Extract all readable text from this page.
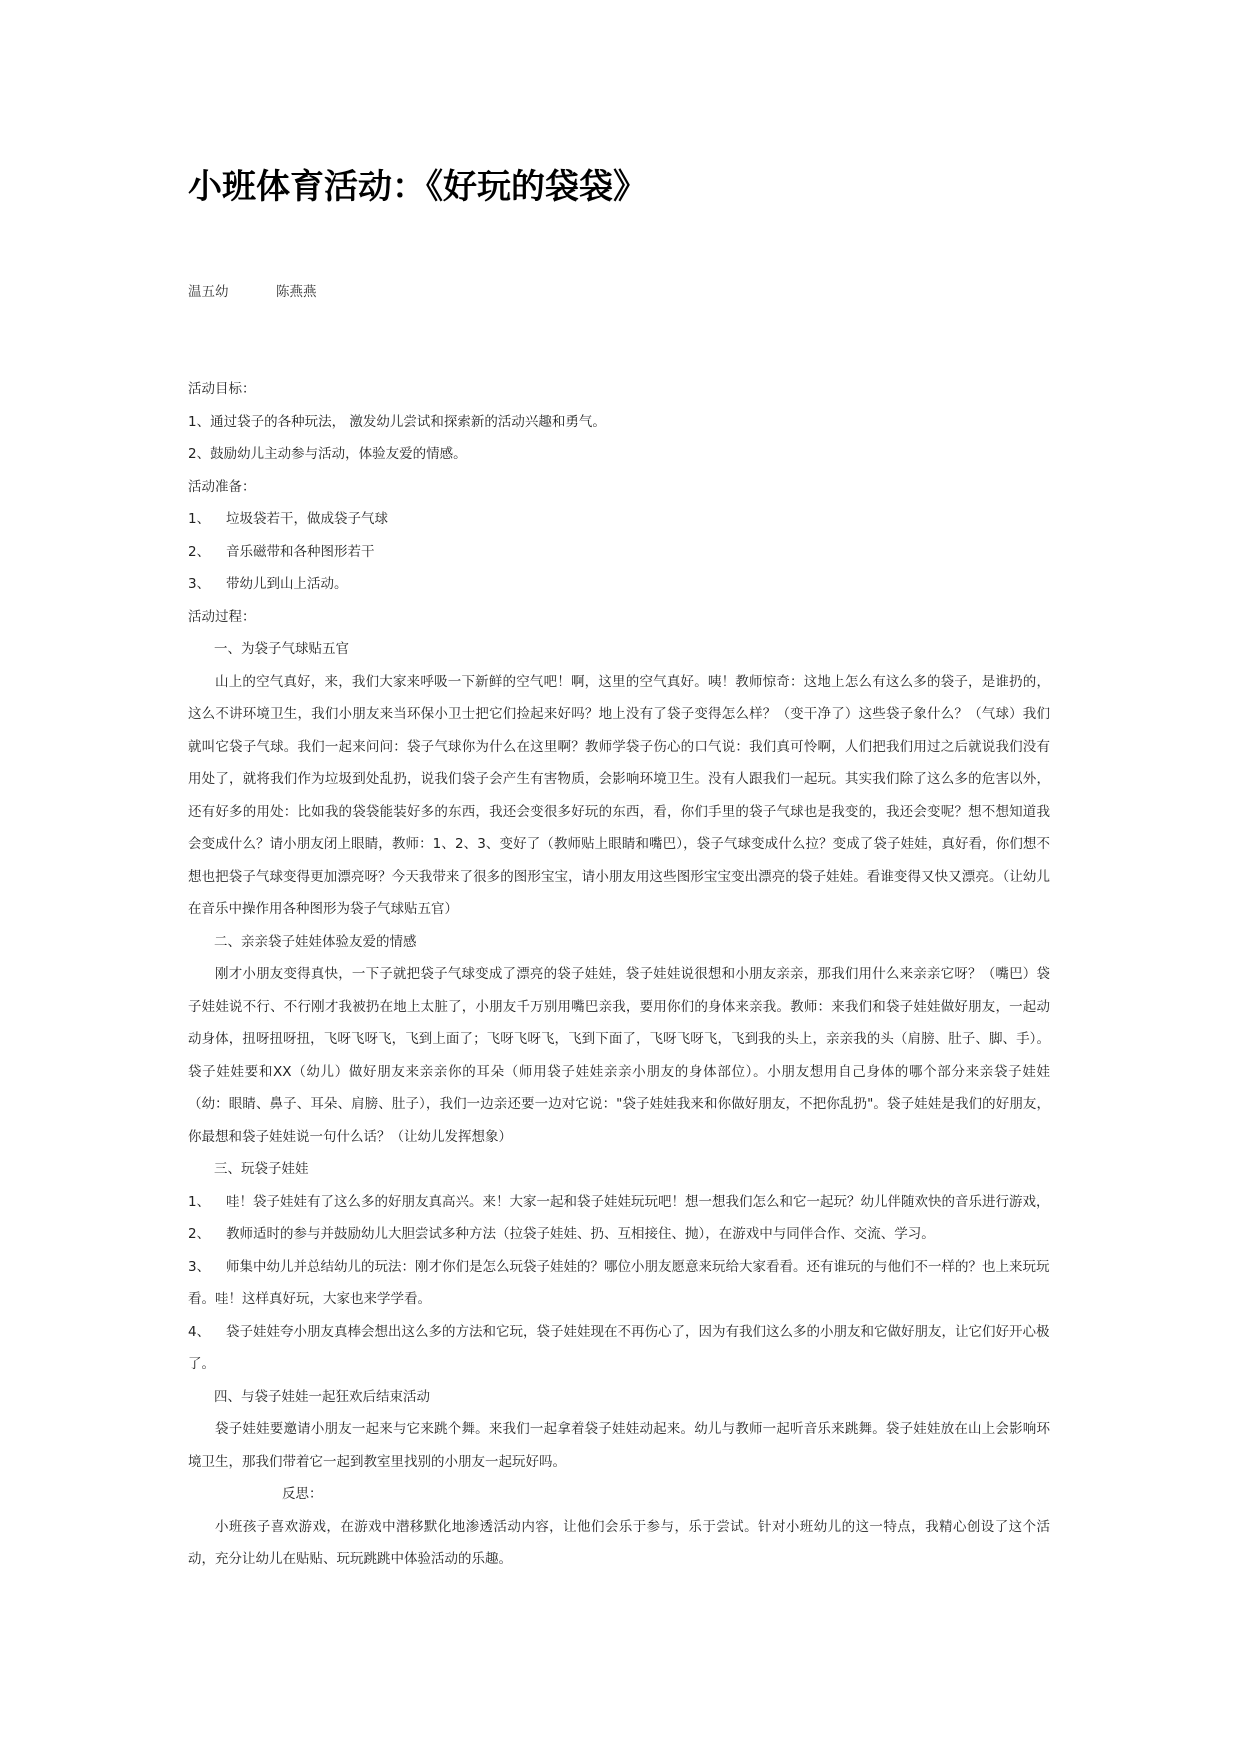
小班体育活动：《好玩的袋袋》

温五幼	陈燕燕

活动目标：

1、通过袋子的各种玩法， 激发幼儿尝试和探索新的活动兴趣和勇气。
2、鼓励幼儿主动参与活动，体验友爱的情感。

活动准备：

1、 垃圾袋若干，做成袋子气球
2、 音乐磁带和各种图形若干
3、 带幼儿到山上活动。

活动过程：

一、为袋子气球贴五官

山上的空气真好，来，我们大家来呼吸一下新鲜的空气吧！啊，这里的空气真好。咦！教师惊奇：这地上怎么有这么多的袋子，是谁扔的，这么不讲环境卫生，我们小朋友来当环保小卫士把它们捡起来好吗？地上没有了袋子变得怎么样？（变干净了）这些袋子象什么？（气球）我们就叫它袋子气球。我们一起来问问：袋子气球你为什么在这里啊？教师学袋子伤心的口气说：我们真可怜啊，人们把我们用过之后就说我们没有用处了，就将我们作为垃圾到处乱扔，说我们袋子会产生有害物质，会影响环境卫生。没有人跟我们一起玩。其实我们除了这么多的危害以外，还有好多的用处：比如我的袋袋能装好多的东西，我还会变很多好玩的东西，看，你们手里的袋子气球也是我变的，我还会变呢？想不想知道我会变成什么？请小朋友闭上眼睛，教师：1、2、3、变好了（教师贴上眼睛和嘴巴），袋子气球变成什么拉？变成了袋子娃娃，真好看，你们想不想也把袋子气球变得更加漂亮呀？今天我带来了很多的图形宝宝，请小朋友用这些图形宝宝变出漂亮的袋子娃娃。看谁变得又快又漂亮。（让幼儿在音乐中操作用各种图形为袋子气球贴五官）

二、亲亲袋子娃娃体验友爱的情感

刚才小朋友变得真快，一下子就把袋子气球变成了漂亮的袋子娃娃，袋子娃娃说很想和小朋友亲亲，那我们用什么来亲亲它呀？（嘴巴）袋子娃娃说不行、不行刚才我被扔在地上太脏了，小朋友千万别用嘴巴亲我，要用你们的身体来亲我。教师：来我们和袋子娃娃做好朋友，一起动动身体，扭呀扭呀扭，飞呀飞呀飞，飞到上面了；飞呀飞呀飞，飞到下面了，飞呀飞呀飞，飞到我的头上，亲亲我的头（肩膀、肚子、脚、手）。袋子娃娃要和XX（幼儿）做好朋友来亲亲你的耳朵（师用袋子娃娃亲亲小朋友的身体部位）。小朋友想用自己身体的哪个部分来亲袋子娃娃（幼：眼睛、鼻子、耳朵、肩膀、肚子），我们一边亲还要一边对它说："袋子娃娃我来和你做好朋友，不把你乱扔"。袋子娃娃是我们的好朋友，你最想和袋子娃娃说一句什么话？（让幼儿发挥想象）

三、玩袋子娃娃

1、 哇！袋子娃娃有了这么多的好朋友真高兴。来！大家一起和袋子娃娃玩玩吧！想一想我们怎么和它一起玩？幼儿伴随欢快的音乐进行游戏，

2、 教师适时的参与并鼓励幼儿大胆尝试多种方法（拉袋子娃娃、扔、互相接住、抛），在游戏中与同伴合作、交流、学习。

3、 师集中幼儿并总结幼儿的玩法：刚才你们是怎么玩袋子娃娃的？哪位小朋友愿意来玩给大家看看。还有谁玩的与他们不一样的？也上来玩玩看。哇！这样真好玩，大家也来学学看。

4、 袋子娃娃夸小朋友真棒会想出这么多的方法和它玩，袋子娃娃现在不再伤心了，因为有我们这么多的小朋友和它做好朋友，让它们好开心极了。

四、与袋子娃娃一起狂欢后结束活动

袋子娃娃要邀请小朋友一起来与它来跳个舞。来我们一起拿着袋子娃娃动起来。幼儿与教师一起听音乐来跳舞。袋子娃娃放在山上会影响环境卫生，那我们带着它一起到教室里找别的小朋友一起玩好吗。

反思：

小班孩子喜欢游戏，在游戏中潜移默化地渗透活动内容，让他们会乐于参与，乐于尝试。针对小班幼儿的这一特点，我精心创设了这个活动，充分让幼儿在贴贴、玩玩跳跳中体验活动的乐趣。
